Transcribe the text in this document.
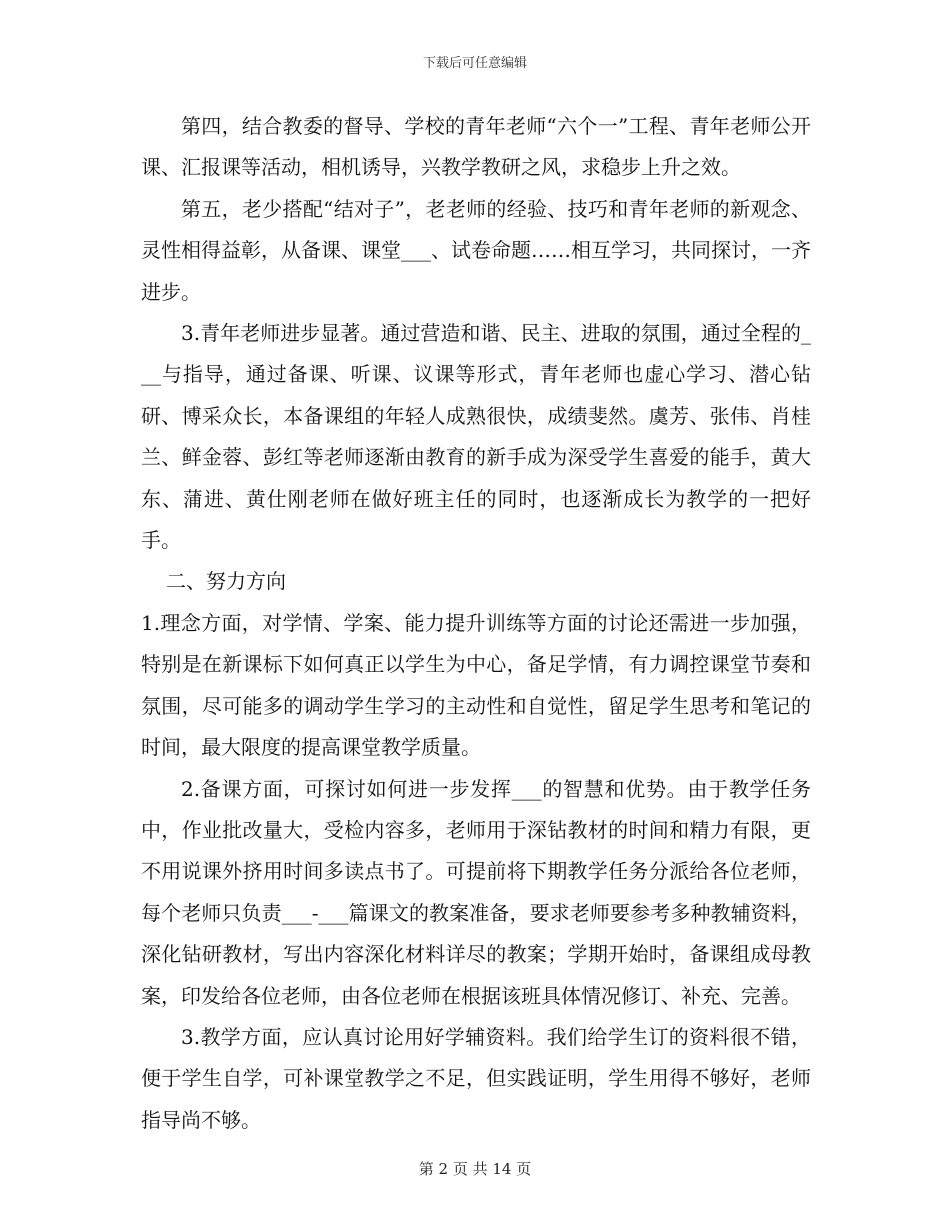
下载后可任意编辑

第四，结合教委的督导、学校的青年老师“六个一”工程、青年老师公开课、汇报课等活动，相机诱导，兴教学教研之风，求稳步上升之效。

第五，老少搭配“结对子”，老老师的经验、技巧和青年老师的新观念、灵性相得益彰，从备课、课堂___、试卷命题……相互学习，共同探讨，一齐进步。

3.青年老师进步显著。通过营造和谐、民主、进取的氛围，通过全程的___与指导，通过备课、听课、议课等形式，青年老师也虚心学习、潜心钻研、博采众长，本备课组的年轻人成熟很快，成绩斐然。虞芳、张伟、肖桂兰、鲜金蓉、彭红等老师逐渐由教育的新手成为深受学生喜爱的能手，黄大东、蒲进、黄仕刚老师在做好班主任的同时，也逐渐成长为教学的一把好手。

二、努力方向

1.理念方面，对学情、学案、能力提升训练等方面的讨论还需进一步加强，特别是在新课标下如何真正以学生为中心，备足学情，有力调控课堂节奏和氛围，尽可能多的调动学生学习的主动性和自觉性，留足学生思考和笔记的时间，最大限度的提高课堂教学质量。

2.备课方面，可探讨如何进一步发挥___的智慧和优势。由于教学任务中，作业批改量大，受检内容多，老师用于深钻教材的时间和精力有限，更不用说课外挤用时间多读点书了。可提前将下期教学任务分派给各位老师，每个老师只负责___-___篇课文的教案准备，要求老师要参考多种教辅资料，深化钻研教材，写出内容深化材料详尽的教案；学期开始时，备课组成母教案，印发给各位老师，由各位老师在根据该班具体情况修订、补充、完善。

3.教学方面，应认真讨论用好学辅资料。我们给学生订的资料很不错，便于学生自学，可补课堂教学之不足，但实践证明，学生用得不够好，老师指导尚不够。

第 2 页 共 14 页
